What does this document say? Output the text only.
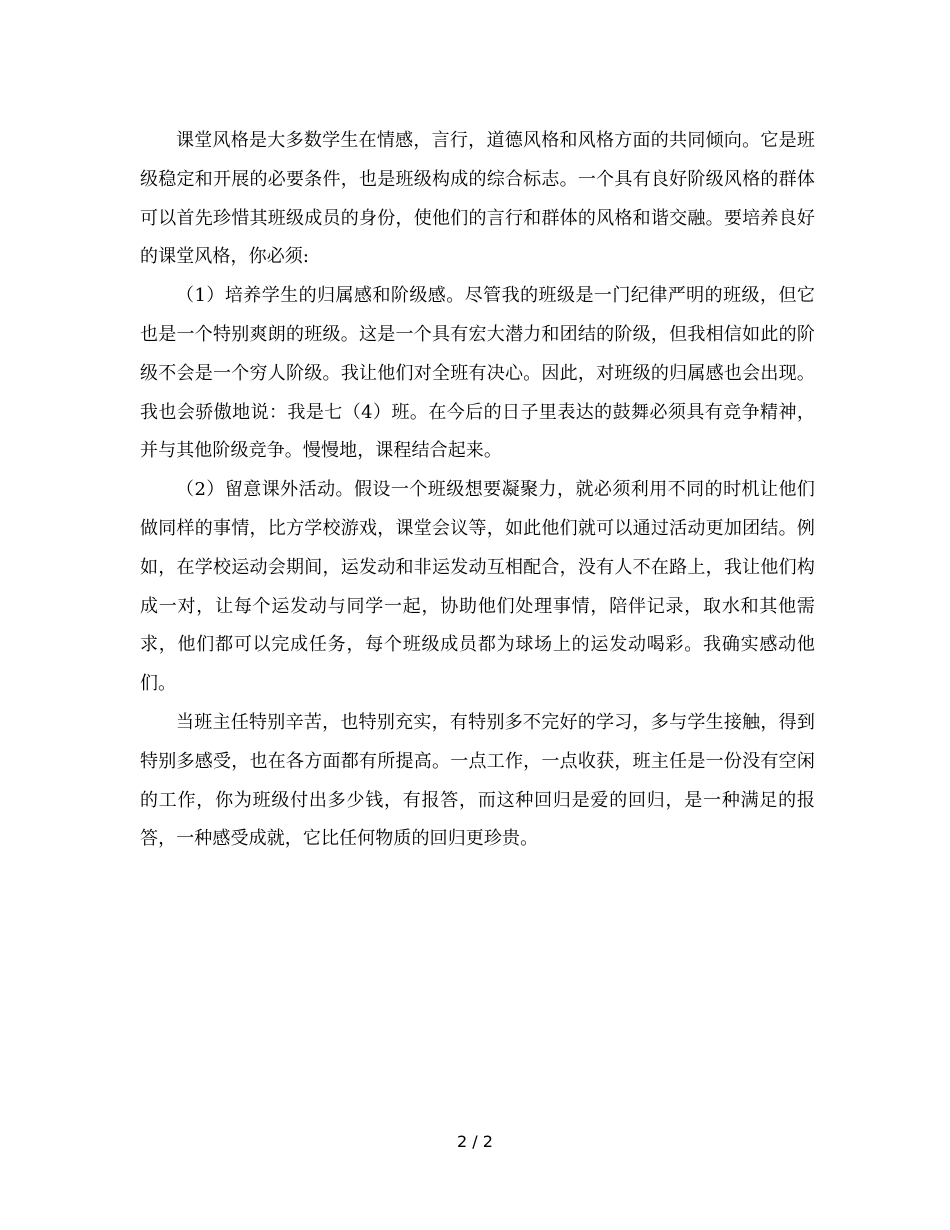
课堂风格是大多数学生在情感，言行，道德风格和风格方面的共同倾向。它是班级稳定和开展的必要条件，也是班级构成的综合标志。一个具有良好阶级风格的群体可以首先珍惜其班级成员的身份，使他们的言行和群体的风格和谐交融。要培养良好的课堂风格，你必须:

（1）培养学生的归属感和阶级感。尽管我的班级是一门纪律严明的班级，但它也是一个特别爽朗的班级。这是一个具有宏大潜力和团结的阶级，但我相信如此的阶级不会是一个穷人阶级。我让他们对全班有决心。因此，对班级的归属感也会出现。我也会骄傲地说：我是七（4）班。在今后的日子里表达的鼓舞必须具有竞争精神，并与其他阶级竞争。慢慢地，课程结合起来。

（2）留意课外活动。假设一个班级想要凝聚力，就必须利用不同的时机让他们做同样的事情，比方学校游戏，课堂会议等，如此他们就可以通过活动更加团结。例如，在学校运动会期间，运发动和非运发动互相配合，没有人不在路上，我让他们构成一对，让每个运发动与同学一起，协助他们处理事情，陪伴记录，取水和其他需求，他们都可以完成任务，每个班级成员都为球场上的运发动喝彩。我确实感动他们。

当班主任特别辛苦，也特别充实，有特别多不完好的学习，多与学生接触，得到特别多感受，也在各方面都有所提高。一点工作，一点收获，班主任是一份没有空闲的工作，你为班级付出多少钱，有报答，而这种回归是爱的回归，是一种满足的报答，一种感受成就，它比任何物质的回归更珍贵。

2 / 2
